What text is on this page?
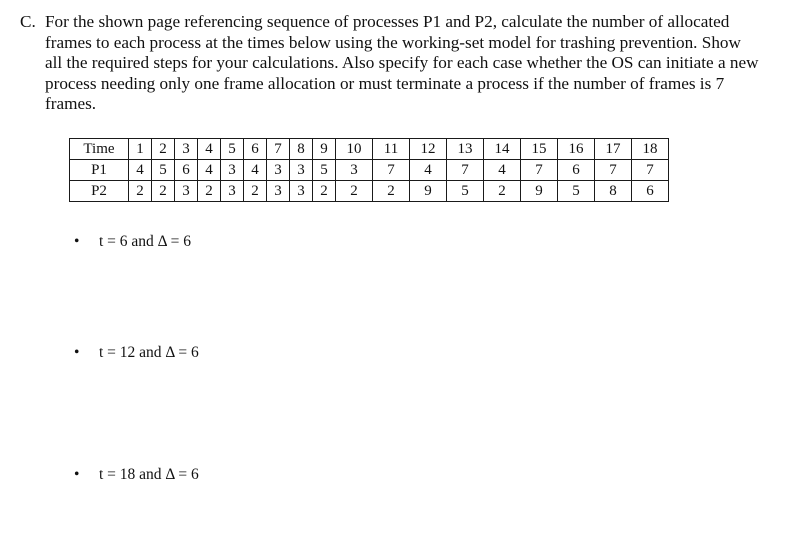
C. For the shown page referencing sequence of processes P1 and P2, calculate the number of allocated frames to each process at the times below using the working-set model for trashing prevention. Show all the required steps for your calculations. Also specify for each case whether the OS can initiate a new process needing only one frame allocation or must terminate a process if the number of frames is 7 frames.
Time	1	2	3	4	5	6	7	8	9	10	11	12	13	14	15	16	17	18
P1	4	5	6	4	3	4	3	3	5	3	7	4	7	4	7	6	7	7
P2	2	2	3	2	3	2	3	3	2	2	2	9	5	2	9	5	8	6
• t = 6 and Δ = 6
• t = 12 and Δ = 6
• t = 18 and Δ = 6
